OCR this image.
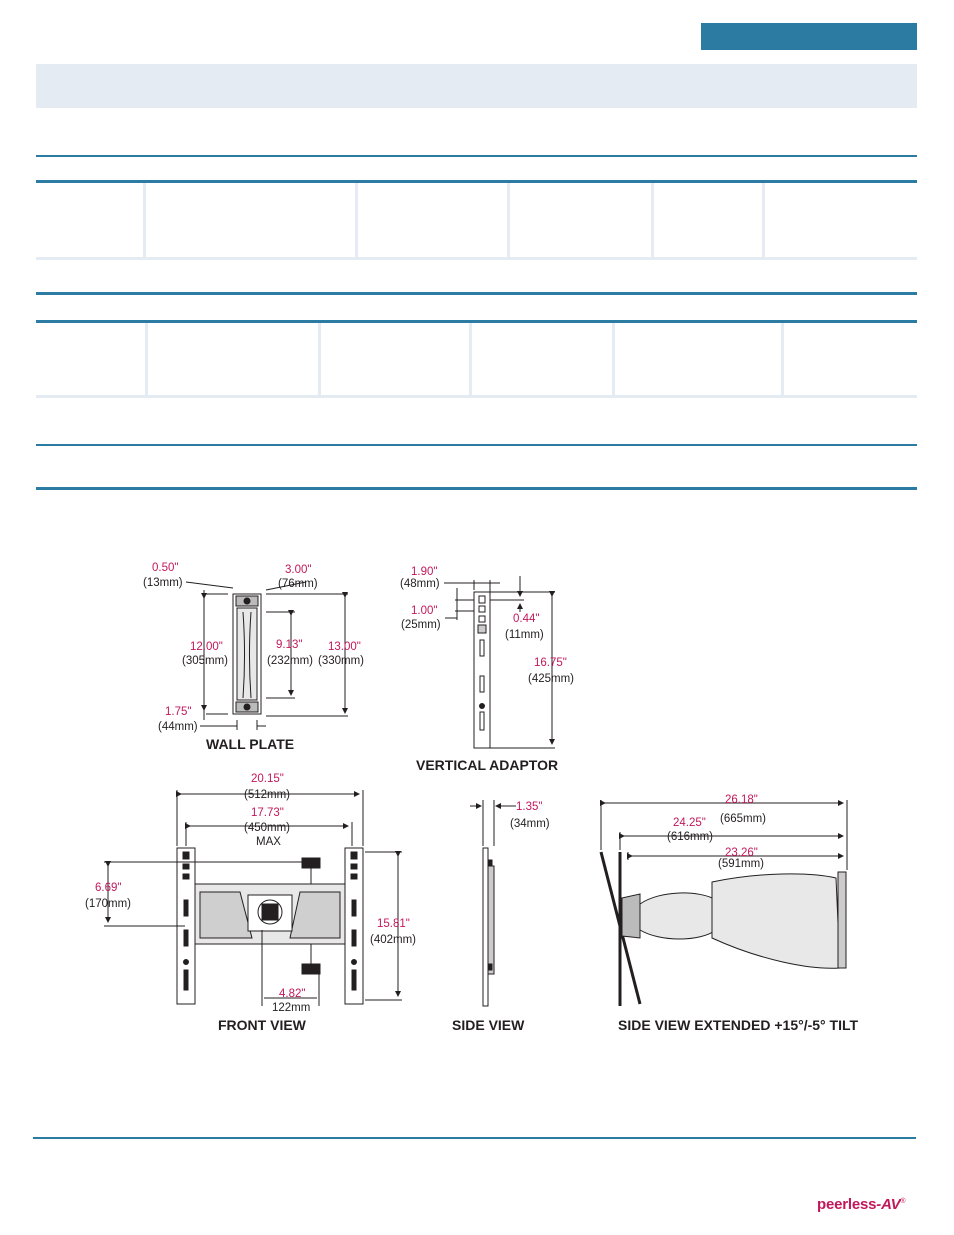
0.50"
(13mm)
3.00"
(76mm)
12.00"
(305mm)
9.13"
(232mm)
13.00"
(330mm)
1.75"
(44mm)
WALL PLATE
1.90"
(48mm)
1.00"
(25mm)	0.44"
(11mm)
16.75"
(425mm)
VERTICAL ADAPTOR
20.15"
(512mm)
17.73"
(450mm)
MAX
6.69"
(170mm)
15.81"
(402mm)
4.82"
122mm
FRONT VIEW
1.35"
(34mm)
SIDE VIEW
26.18"
(665mm)
24.25"
(616mm)
23.26"
(591mm)
SIDE VIEW EXTENDED +15°/-5° TILT
peerless-AV®
